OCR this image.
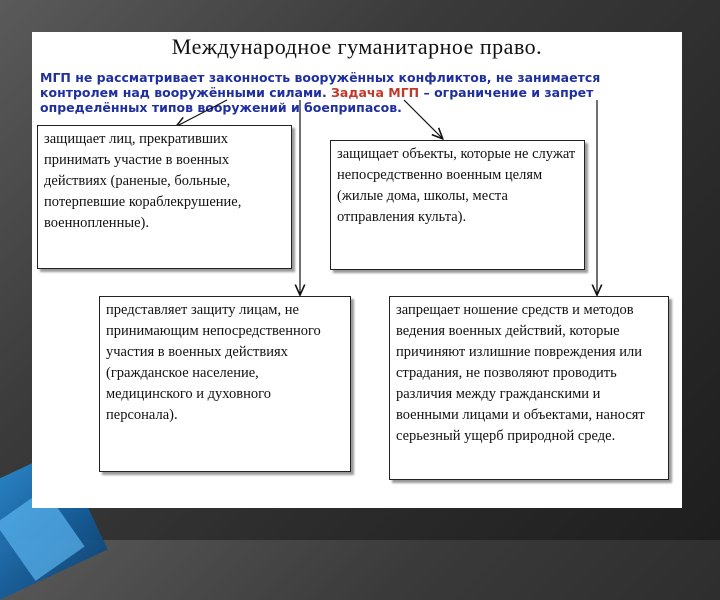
Международное гуманитарное право.
МГП не рассматривает законность вооружённых конфликтов, не занимается контролем над вооружёнными силами. Задача МГП – ограничение и запрет определённых типов вооружений и боеприпасов.
защищает лиц, прекративших принимать участие в военных действиях (раненые, больные, потерпевшие кораблекрушение, военнопленные).
защищает объекты, которые не служат непосредственно военным целям (жилые дома, школы, места отправления культа).
представляет защиту лицам, не принимающим непосредственного участия в военных действиях (гражданское население, медицинского и духовного персонала).
запрещает ношение средств и методов ведения военных действий, которые причиняют излишние повреждения или страдания, не позволяют проводить различия между гражданскими и военными лицами и объектами, наносят серьезный ущерб природной среде.
